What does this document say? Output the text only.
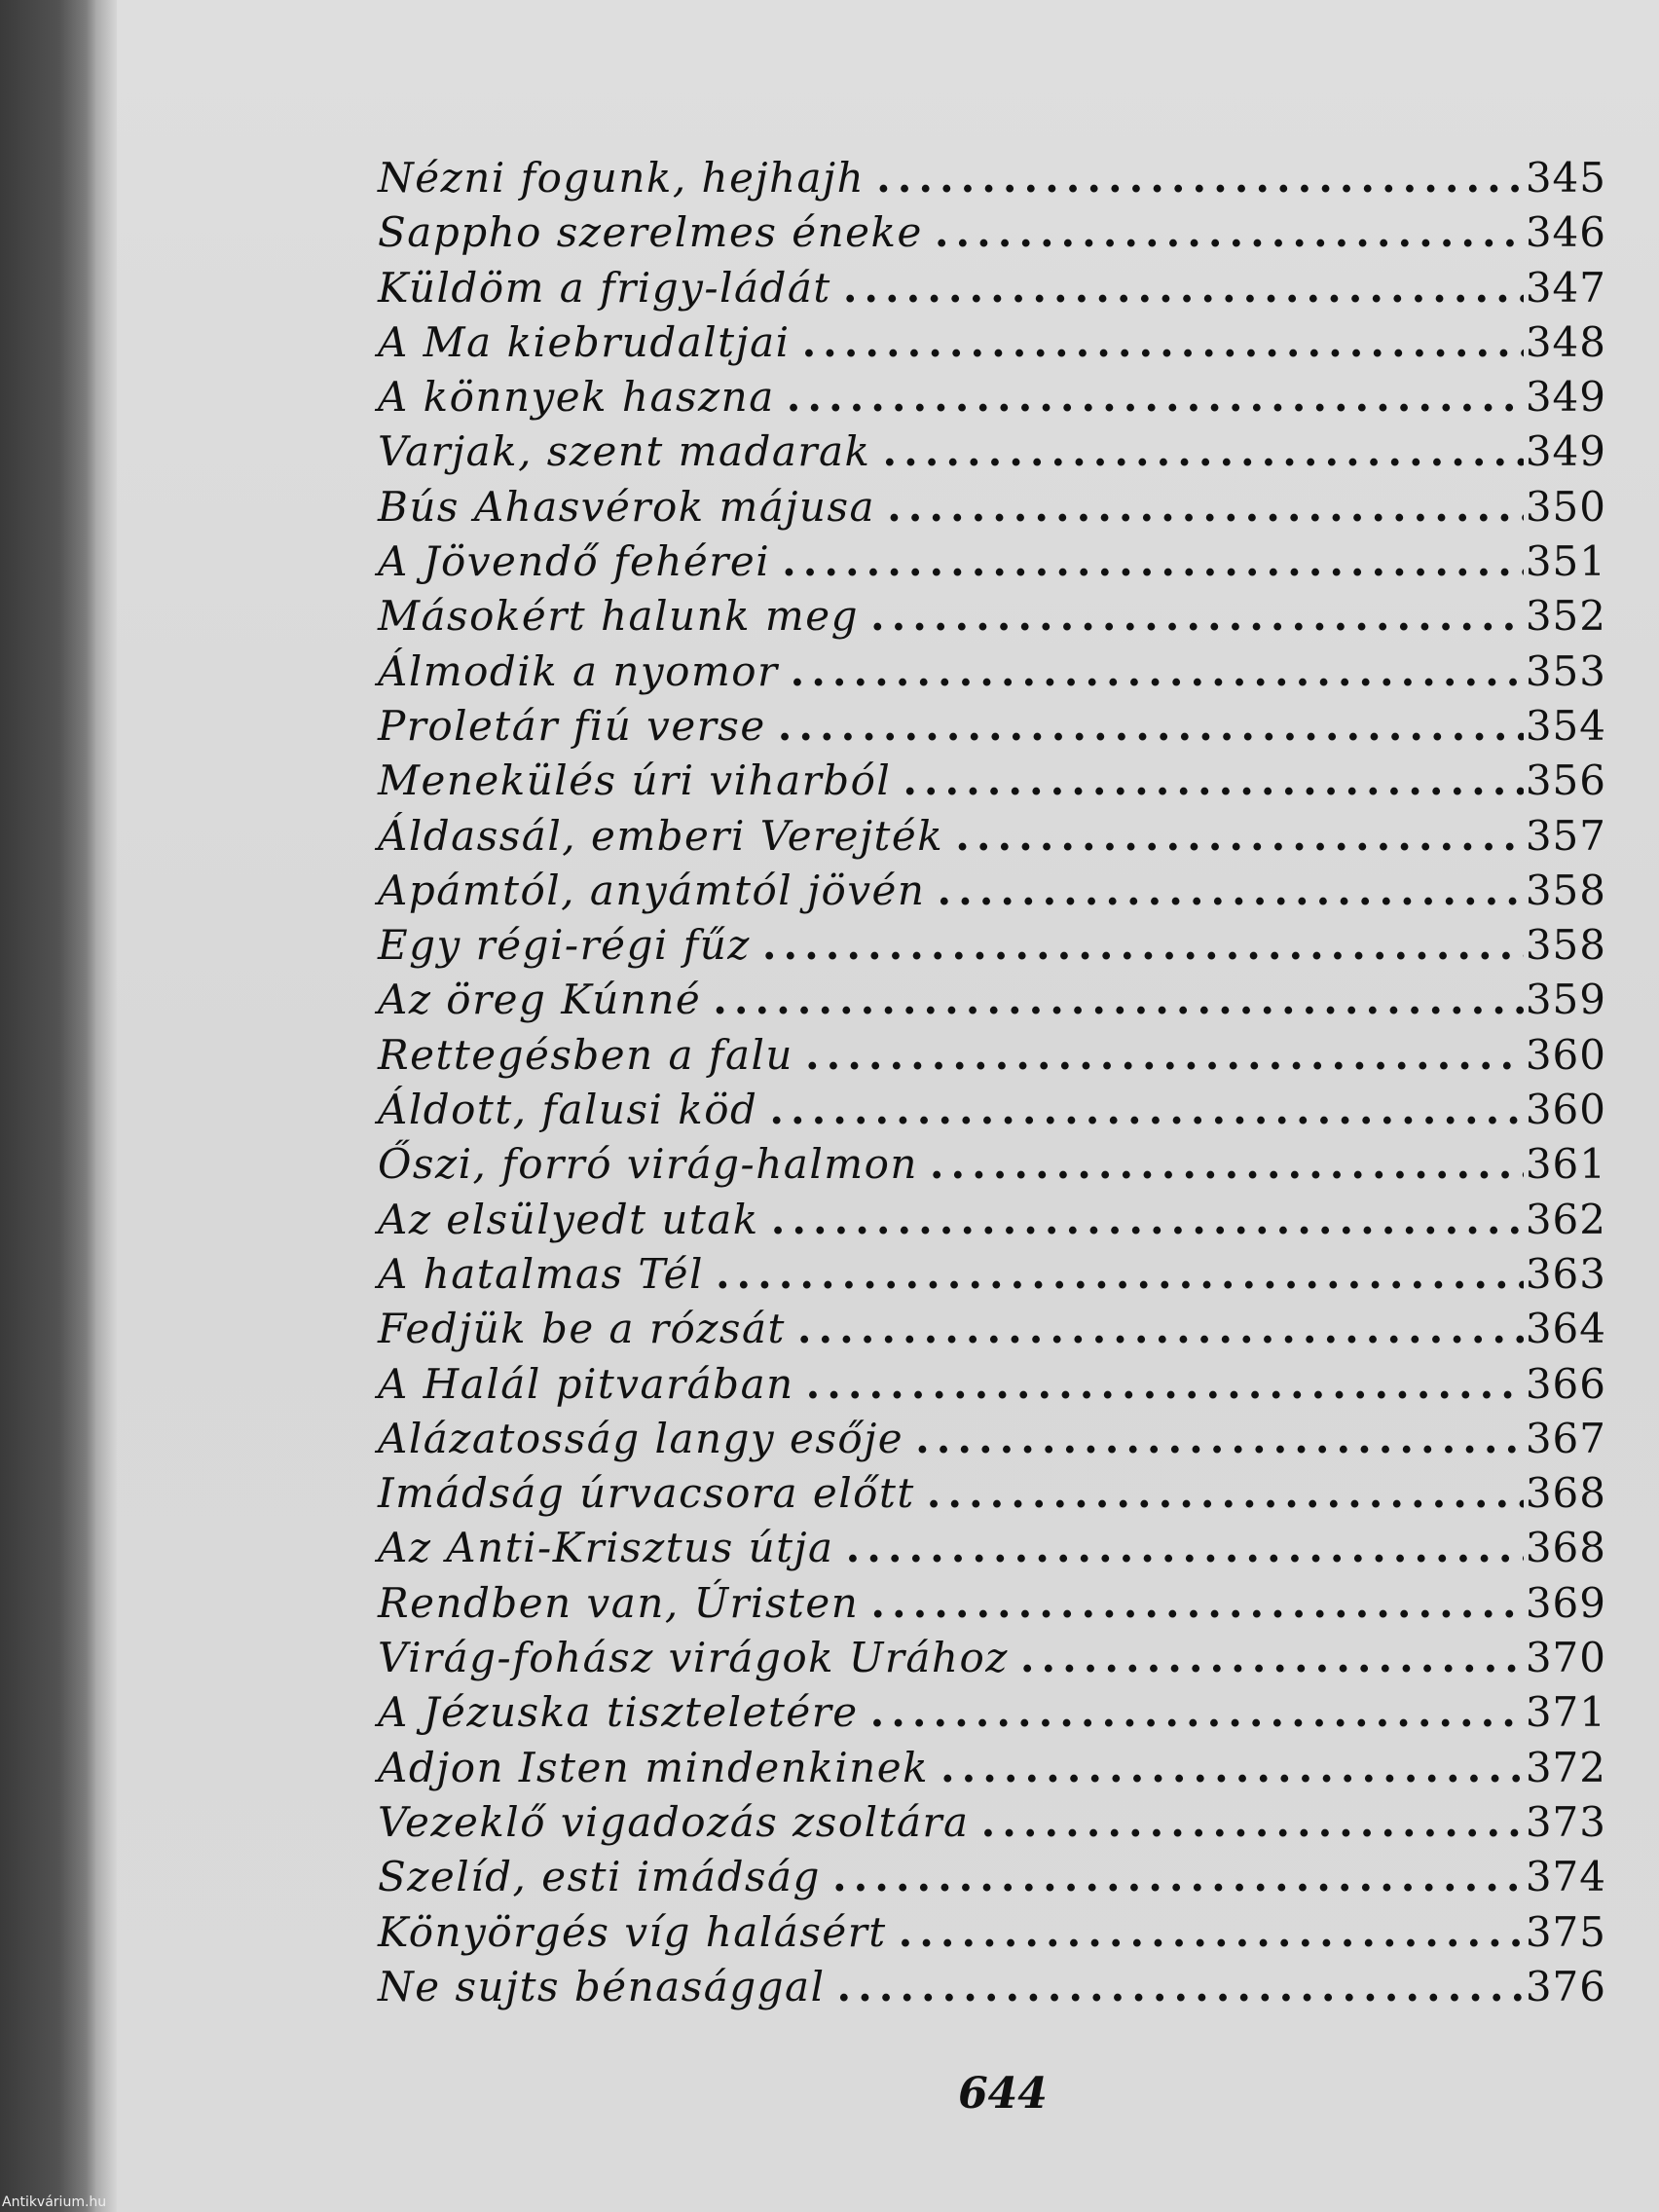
Nézni fogunk, hejhajh .....	345
Sappho szerelmes éneke .....	346
Küldöm a frigy-ládát .....	347
A Ma kiebrudaltjai .....	348
A könnyek haszna .....	349
Varjak, szent madarak .....	349
Bús Ahasvérok májusa .....	350
A Jövendő fehérei .....	351
Másokért halunk meg .....	352
Álmodik a nyomor .....	353
Proletár fiú verse .....	354
Menekülés úri viharból .....	356
Áldassál, emberi Verejték .....	357
Apámtól, anyámtól jövén .....	358
Egy régi-régi fűz .....	358
Az öreg Kúnné .....	359
Rettegésben a falu .....	360
Áldott, falusi köd .....	360
Őszi, forró virág-halmon .....	361
Az elsülyedt utak .....	362
A hatalmas Tél .....	363
Fedjük be a rózsát .....	364
A Halál pitvarában .....	366
Alázatosság langy esője .....	367
Imádság úrvacsora előtt .....	368
Az Anti-Krisztus útja .....	368
Rendben van, Úristen .....	369
Virág-fohász virágok Urához .....	370
A Jézuska tiszteletére .....	371
Adjon Isten mindenkinek .....	372
Vezeklő vigadozás zsoltára .....	373
Szelíd, esti imádság .....	374
Könyörgés víg halásért .....	375
Ne sujts bénasággal .....	376
644
Antikvárium.hu
